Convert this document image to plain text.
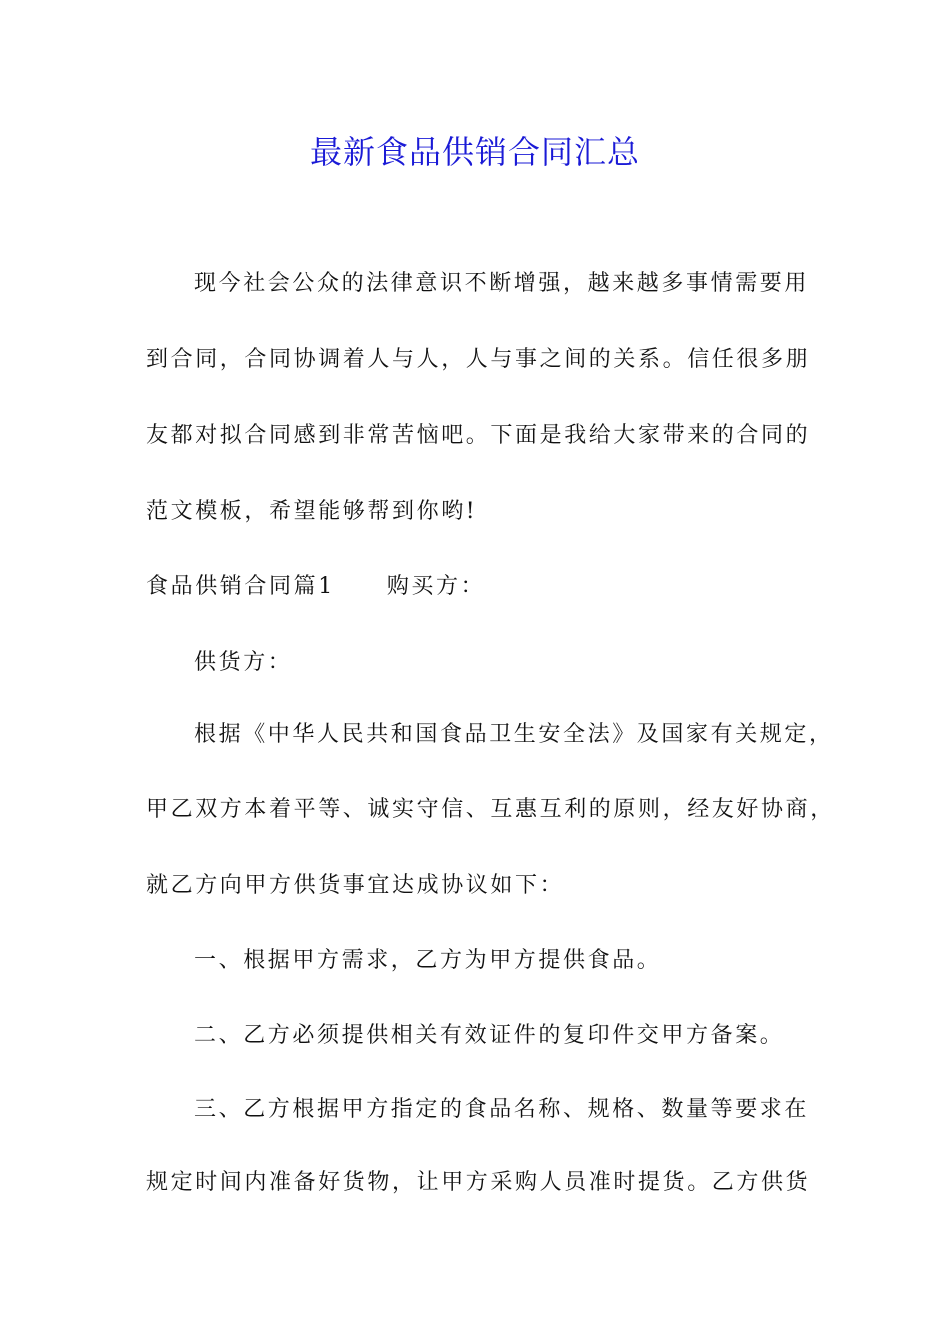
最新食品供销合同汇总
现今社会公众的法律意识不断增强，越来越多事情需要用
到合同，合同协调着人与人，人与事之间的关系。信任很多朋
友都对拟合同感到非常苦恼吧。下面是我给大家带来的合同的
范文模板，希望能够帮到你哟!
食品供销合同篇1 购买方：
供货方：
根据《中华人民共和国食品卫生安全法》及国家有关规定，
甲乙双方本着平等、诚实守信、互惠互利的原则，经友好协商，
就乙方向甲方供货事宜达成协议如下：
一、根据甲方需求，乙方为甲方提供食品。
二、乙方必须提供相关有效证件的复印件交甲方备案。
三、乙方根据甲方指定的食品名称、规格、数量等要求在
规定时间内准备好货物，让甲方采购人员准时提货。乙方供货
